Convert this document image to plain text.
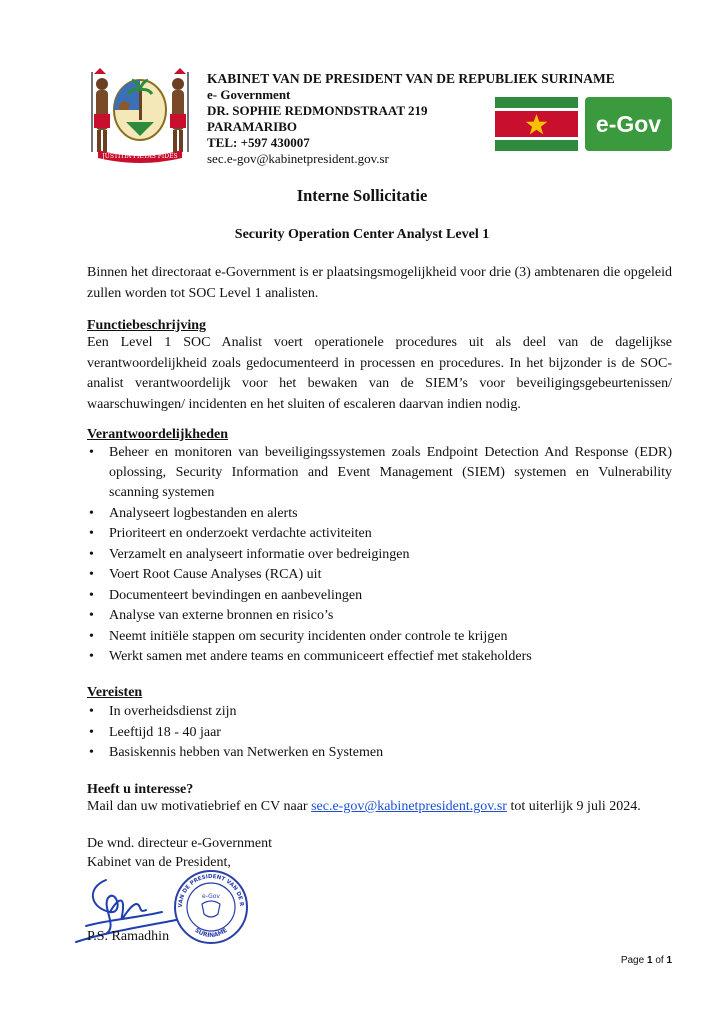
JUSTITIA PIETAS FIDES
KABINET VAN DE PRESIDENT VAN DE REPUBLIEK SURINAME
e- Government
DR. SOPHIE REDMONDSTRAAT 219
PARAMARIBO
TEL: +597 430007
sec.e-gov@kabinetpresident.gov.sr
e-Gov
Interne Sollicitatie
Security Operation Center Analyst Level 1

Binnen het directoraat e-Government is er plaatsingsmogelijkheid voor drie (3) ambtenaren die opgeleid zullen worden tot SOC Level 1 analisten.

Functiebeschrijving

Een Level 1 SOC Analist voert operationele procedures uit als deel van de dagelijkse verantwoordelijkheid zoals gedocumenteerd in processen en procedures. In het bijzonder is de SOC-analist verantwoordelijk voor het bewaken van de SIEM’s voor beveiligingsgebeurtenissen/ waarschuwingen/ incidenten en het sluiten of escaleren daarvan indien nodig.

Verantwoordelijkheden
• Beheer en monitoren van beveiligingssystemen zoals Endpoint Detection And Response (EDR) oplossing, Security Information and Event Management (SIEM) systemen en Vulnerability scanning systemen
• Analyseert logbestanden en alerts
• Prioriteert en onderzoekt verdachte activiteiten
• Verzamelt en analyseert informatie over bedreigingen
• Voert Root Cause Analyses (RCA) uit
• Documenteert bevindingen en aanbevelingen
• Analyse van externe bronnen en risico’s
• Neemt initiële stappen om security incidenten onder controle te krijgen
• Werkt samen met andere teams en communiceert effectief met stakeholders
Vereisten
• In overheidsdienst zijn
• Leeftijd 18 - 40 jaar
• Basiskennis hebben van Netwerken en Systemen
Heeft u interesse?
Mail dan uw motivatiebrief en CV naar sec.e-gov@kabinetpresident.gov.sr tot uiterlijk 9 juli 2024.
De wnd. directeur e-Government
Kabinet van de President,
VAN DE PRESIDENT VAN DE R
SURINAME
e-Gov
P.S. Ramadhin
Page 1 of 1
